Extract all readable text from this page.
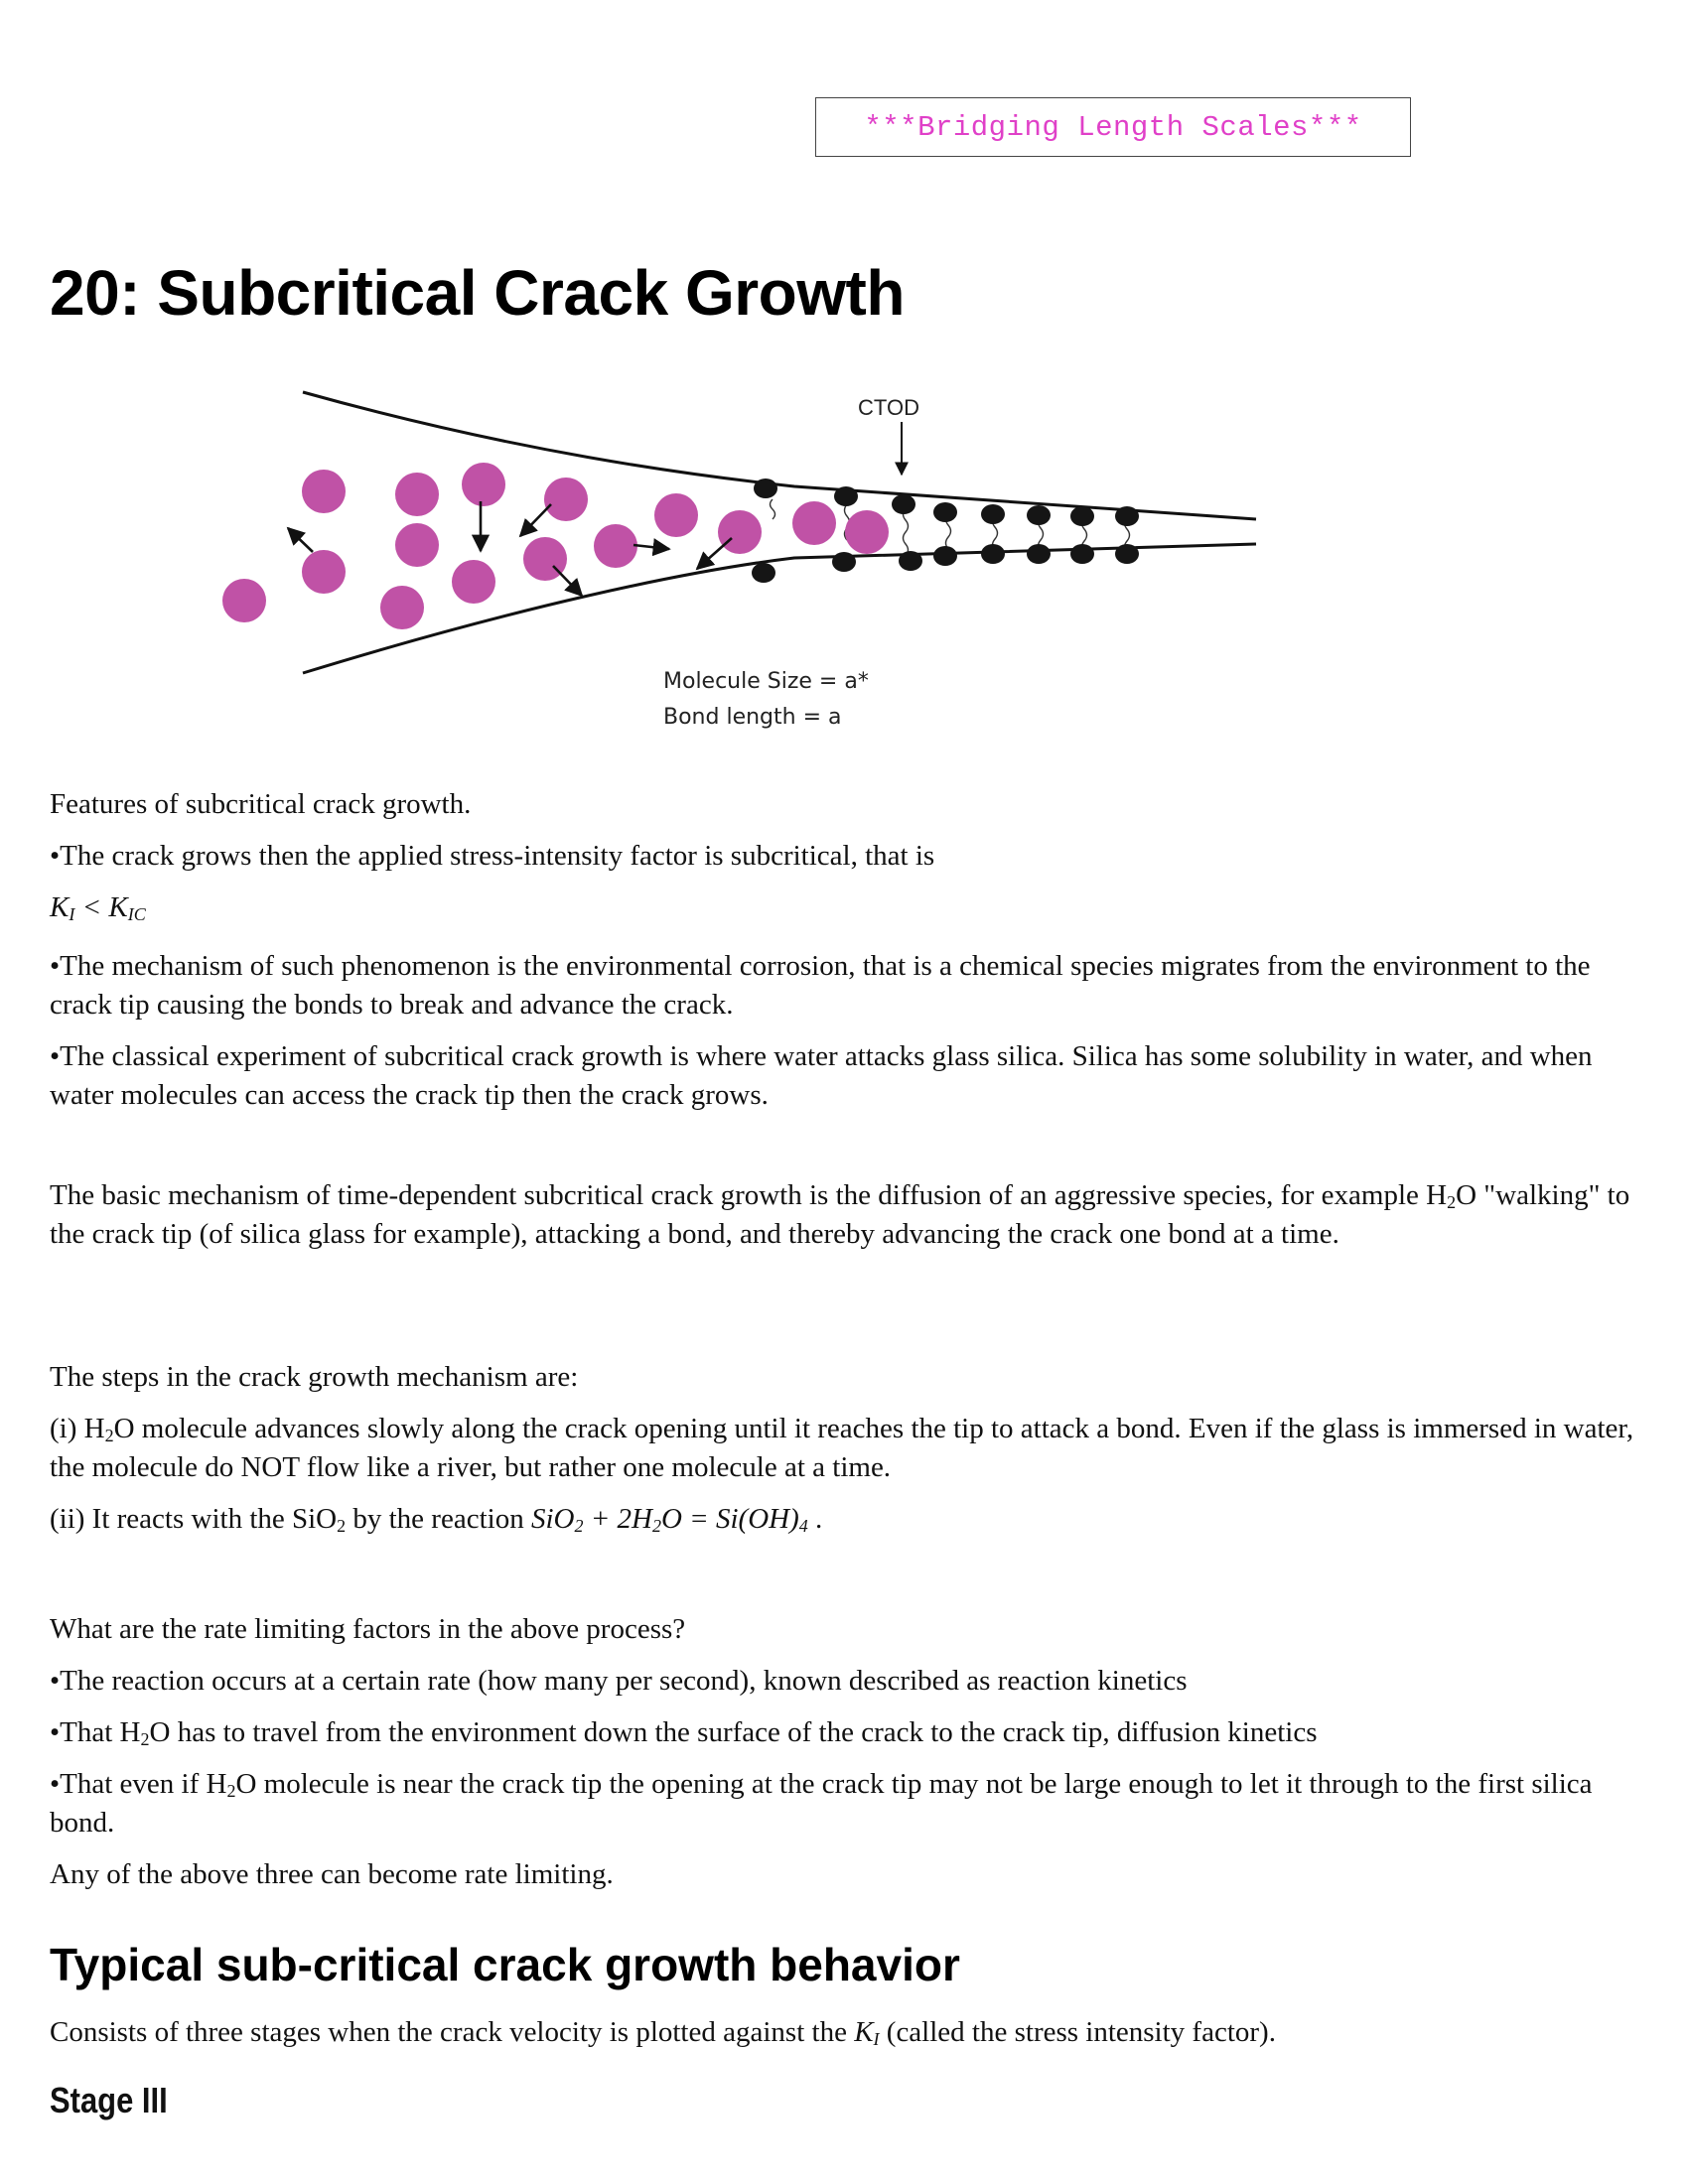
***Bridging Length Scales***
20: Subcritical Crack Growth
CTOD
Molecule Size = a*
Bond length = a

Features of subcritical crack growth.

•The crack grows then the applied stress-intensity factor is subcritical, that is

$K_I < K_{IC}$

•The mechanism of such phenomenon is the environmental corrosion, that is a chemical species migrates from the environment to the crack tip causing the bonds to break and advance the crack.

•The classical experiment of subcritical crack growth is where water attacks glass silica. Silica has some solubility in water, and when water molecules can access the crack tip then the crack grows.

The basic mechanism of time-dependent subcritical crack growth is the diffusion of an aggressive species, for example $H_2O$ "walking" to the crack tip (of silica glass for example), attacking a bond, and thereby advancing the crack one bond at a time.

The steps in the crack growth mechanism are:

(i) $H_2O$ molecule advances slowly along the crack opening until it reaches the tip to attack a bond. Even if the glass is immersed in water, the molecule do NOT flow like a river, but rather one molecule at a time.

(ii) It reacts with the SiO$_2$ by the reaction $SiO_2 + 2H_2O = Si(OH)_4$ .

What are the rate limiting factors in the above process?

•The reaction occurs at a certain rate (how many per second), known described as reaction kinetics

•That $H_2O$ has to travel from the environment down the surface of the crack to the crack tip, diffusion kinetics

•That even if $H_2O$ molecule is near the crack tip the opening at the crack tip may not be large enough to let it through to the first silica bond.

Any of the above three can become rate limiting.

Typical sub-critical crack growth behavior

Consists of three stages when the crack velocity is plotted against the $K_I$ (called the stress intensity factor).

Stage III
